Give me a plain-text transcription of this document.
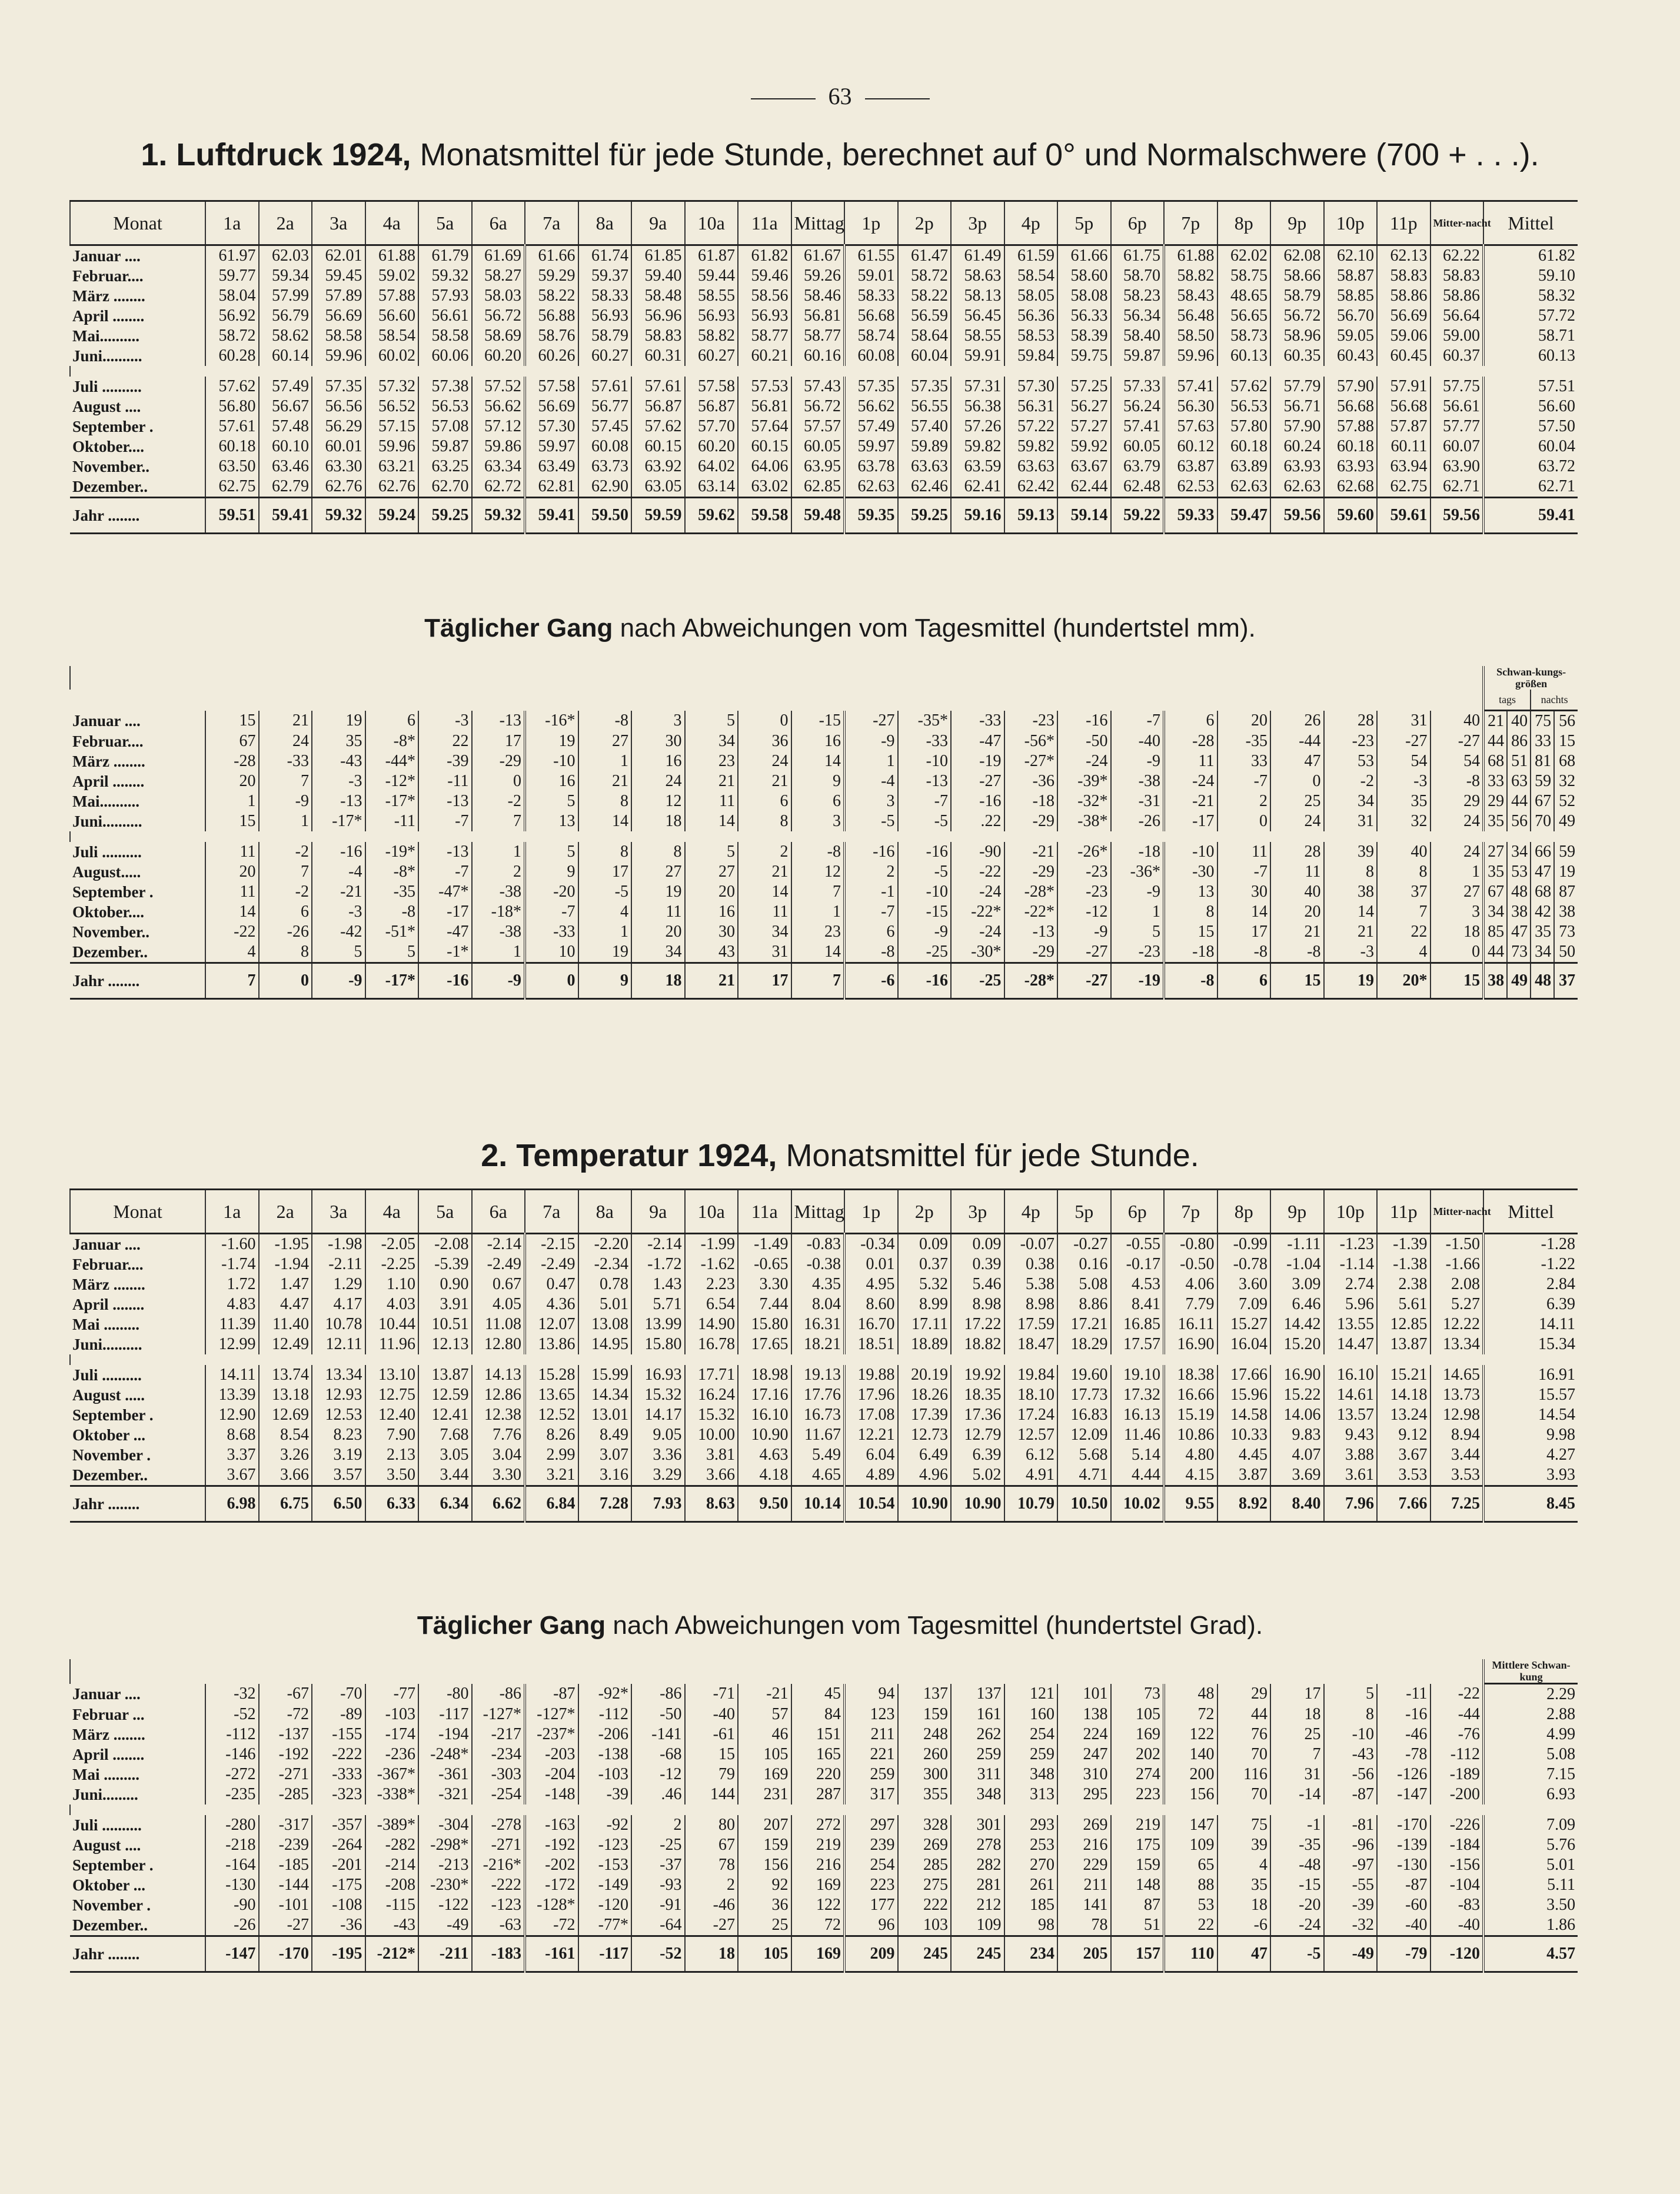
63
1. Luftdruck 1924, Monatsmittel für jede Stunde, berechnet auf 0° und Normalschwere (700 + . . .).
Monat	1a	2a	3a	4a	5a	6a	7a	8a	9a	10a	11a	Mittag	1p	2p	3p	4p	5p	6p	7p	8p	9p	10p	11p	Mitter-nacht	Mittel
Januar ....	61.97	62.03	62.01	61.88	61.79	61.69	61.66	61.74	61.85	61.87	61.82	61.67	61.55	61.47	61.49	61.59	61.66	61.75	61.88	62.02	62.08	62.10	62.13	62.22	61.82
Februar....	59.77	59.34	59.45	59.02	59.32	58.27	59.29	59.37	59.40	59.44	59.46	59.26	59.01	58.72	58.63	58.54	58.60	58.70	58.82	58.75	58.66	58.87	58.83	58.83	59.10
März ........	58.04	57.99	57.89	57.88	57.93	58.03	58.22	58.33	58.48	58.55	58.56	58.46	58.33	58.22	58.13	58.05	58.08	58.23	58.43	48.65	58.79	58.85	58.86	58.86	58.32
April ........	56.92	56.79	56.69	56.60	56.61	56.72	56.88	56.93	56.96	56.93	56.93	56.81	56.68	56.59	56.45	56.36	56.33	56.34	56.48	56.65	56.72	56.70	56.69	56.64	57.72
Mai..........	58.72	58.62	58.58	58.54	58.58	58.69	58.76	58.79	58.83	58.82	58.77	58.77	58.74	58.64	58.55	58.53	58.39	58.40	58.50	58.73	58.96	59.05	59.06	59.00	58.71
Juni..........	60.28	60.14	59.96	60.02	60.06	60.20	60.26	60.27	60.31	60.27	60.21	60.16	60.08	60.04	59.91	59.84	59.75	59.87	59.96	60.13	60.35	60.43	60.45	60.37	60.13

Juli ..........	57.62	57.49	57.35	57.32	57.38	57.52	57.58	57.61	57.61	57.58	57.53	57.43	57.35	57.35	57.31	57.30	57.25	57.33	57.41	57.62	57.79	57.90	57.91	57.75	57.51
August ....	56.80	56.67	56.56	56.52	56.53	56.62	56.69	56.77	56.87	56.87	56.81	56.72	56.62	56.55	56.38	56.31	56.27	56.24	56.30	56.53	56.71	56.68	56.68	56.61	56.60
September .	57.61	57.48	56.29	57.15	57.08	57.12	57.30	57.45	57.62	57.70	57.64	57.57	57.49	57.40	57.26	57.22	57.27	57.41	57.63	57.80	57.90	57.88	57.87	57.77	57.50
Oktober....	60.18	60.10	60.01	59.96	59.87	59.86	59.97	60.08	60.15	60.20	60.15	60.05	59.97	59.89	59.82	59.82	59.92	60.05	60.12	60.18	60.24	60.18	60.11	60.07	60.04
November..	63.50	63.46	63.30	63.21	63.25	63.34	63.49	63.73	63.92	64.02	64.06	63.95	63.78	63.63	63.59	63.63	63.67	63.79	63.87	63.89	63.93	63.93	63.94	63.90	63.72
Dezember..	62.75	62.79	62.76	62.76	62.70	62.72	62.81	62.90	63.05	63.14	63.02	62.85	62.63	62.46	62.41	62.42	62.44	62.48	62.53	62.63	62.63	62.68	62.75	62.71	62.71
Jahr ........	59.51	59.41	59.32	59.24	59.25	59.32	59.41	59.50	59.59	59.62	59.58	59.48	59.35	59.25	59.16	59.13	59.14	59.22	59.33	59.47	59.56	59.60	59.61	59.56	59.41
Täglicher Gang nach Abweichungen vom Tagesmittel (hundertstel mm).
																									Schwan-kungs-größen			
																									tags		nachts	
Januar ....	15	21	19	6	-3	-13	-16*	-8	3	5	0	-15	-27	-35*	-33	-23	-16	-7	6	20	26	28	31	40	21	40	75	56
Februar....	67	24	35	-8*	22	17	19	27	30	34	36	16	-9	-33	-47	-56*	-50	-40	-28	-35	-44	-23	-27	-27	44	86	33	15
März ........	-28	-33	-43	-44*	-39	-29	-10	1	16	23	24	14	1	-10	-19	-27*	-24	-9	11	33	47	53	54	54	68	51	81	68
April ........	20	7	-3	-12*	-11	0	16	21	24	21	21	9	-4	-13	-27	-36	-39*	-38	-24	-7	0	-2	-3	-8	33	63	59	32
Mai..........	1	-9	-13	-17*	-13	-2	5	8	12	11	6	6	3	-7	-16	-18	-32*	-31	-21	2	25	34	35	29	29	44	67	52
Juni..........	15	1	-17*	-11	-7	7	13	14	18	14	8	3	-5	-5	.22	-29	-38*	-26	-17	0	24	31	32	24	35	56	70	49

Juli ..........	11	-2	-16	-19*	-13	1	5	8	8	5	2	-8	-16	-16	-90	-21	-26*	-18	-10	11	28	39	40	24	27	34	66	59
August.....	20	7	-4	-8*	-7	2	9	17	27	27	21	12	2	-5	-22	-29	-23	-36*	-30	-7	11	8	8	1	35	53	47	19
September .	11	-2	-21	-35	-47*	-38	-20	-5	19	20	14	7	-1	-10	-24	-28*	-23	-9	13	30	40	38	37	27	67	48	68	87
Oktober....	14	6	-3	-8	-17	-18*	-7	4	11	16	11	1	-7	-15	-22*	-22*	-12	1	8	14	20	14	7	3	34	38	42	38
November..	-22	-26	-42	-51*	-47	-38	-33	1	20	30	34	23	6	-9	-24	-13	-9	5	15	17	21	21	22	18	85	47	35	73
Dezember..	4	8	5	5	-1*	1	10	19	34	43	31	14	-8	-25	-30*	-29	-27	-23	-18	-8	-8	-3	4	0	44	73	34	50
Jahr ........	7	0	-9	-17*	-16	-9	0	9	18	21	17	7	-6	-16	-25	-28*	-27	-19	-8	6	15	19	20*	15	38	49	48	37
2. Temperatur 1924, Monatsmittel für jede Stunde.
Monat	1a	2a	3a	4a	5a	6a	7a	8a	9a	10a	11a	Mittag	1p	2p	3p	4p	5p	6p	7p	8p	9p	10p	11p	Mitter-nacht	Mittel
Januar ....	-1.60	-1.95	-1.98	-2.05	-2.08	-2.14	-2.15	-2.20	-2.14	-1.99	-1.49	-0.83	-0.34	0.09	0.09	-0.07	-0.27	-0.55	-0.80	-0.99	-1.11	-1.23	-1.39	-1.50	-1.28
Februar....	-1.74	-1.94	-2.11	-2.25	-5.39	-2.49	-2.49	-2.34	-1.72	-1.62	-0.65	-0.38	0.01	0.37	0.39	0.38	0.16	-0.17	-0.50	-0.78	-1.04	-1.14	-1.38	-1.66	-1.22
März ........	1.72	1.47	1.29	1.10	0.90	0.67	0.47	0.78	1.43	2.23	3.30	4.35	4.95	5.32	5.46	5.38	5.08	4.53	4.06	3.60	3.09	2.74	2.38	2.08	2.84
April ........	4.83	4.47	4.17	4.03	3.91	4.05	4.36	5.01	5.71	6.54	7.44	8.04	8.60	8.99	8.98	8.98	8.86	8.41	7.79	7.09	6.46	5.96	5.61	5.27	6.39
Mai .........	11.39	11.40	10.78	10.44	10.51	11.08	12.07	13.08	13.99	14.90	15.80	16.31	16.70	17.11	17.22	17.59	17.21	16.85	16.11	15.27	14.42	13.55	12.85	12.22	14.11
Juni..........	12.99	12.49	12.11	11.96	12.13	12.80	13.86	14.95	15.80	16.78	17.65	18.21	18.51	18.89	18.82	18.47	18.29	17.57	16.90	16.04	15.20	14.47	13.87	13.34	15.34

Juli ..........	14.11	13.74	13.34	13.10	13.87	14.13	15.28	15.99	16.93	17.71	18.98	19.13	19.88	20.19	19.92	19.84	19.60	19.10	18.38	17.66	16.90	16.10	15.21	14.65	16.91
August .....	13.39	13.18	12.93	12.75	12.59	12.86	13.65	14.34	15.32	16.24	17.16	17.76	17.96	18.26	18.35	18.10	17.73	17.32	16.66	15.96	15.22	14.61	14.18	13.73	15.57
September .	12.90	12.69	12.53	12.40	12.41	12.38	12.52	13.01	14.17	15.32	16.10	16.73	17.08	17.39	17.36	17.24	16.83	16.13	15.19	14.58	14.06	13.57	13.24	12.98	14.54
Oktober ...	8.68	8.54	8.23	7.90	7.68	7.76	8.26	8.49	9.05	10.00	10.90	11.67	12.21	12.73	12.79	12.57	12.09	11.46	10.86	10.33	9.83	9.43	9.12	8.94	9.98
November .	3.37	3.26	3.19	2.13	3.05	3.04	2.99	3.07	3.36	3.81	4.63	5.49	6.04	6.49	6.39	6.12	5.68	5.14	4.80	4.45	4.07	3.88	3.67	3.44	4.27
Dezember..	3.67	3.66	3.57	3.50	3.44	3.30	3.21	3.16	3.29	3.66	4.18	4.65	4.89	4.96	5.02	4.91	4.71	4.44	4.15	3.87	3.69	3.61	3.53	3.53	3.93
Jahr ........	6.98	6.75	6.50	6.33	6.34	6.62	6.84	7.28	7.93	8.63	9.50	10.14	10.54	10.90	10.90	10.79	10.50	10.02	9.55	8.92	8.40	7.96	7.66	7.25	8.45
Täglicher Gang nach Abweichungen vom Tagesmittel (hundertstel Grad).
																									Mittlere Schwan-kung
Januar ....	-32	-67	-70	-77	-80	-86	-87	-92*	-86	-71	-21	45	94	137	137	121	101	73	48	29	17	5	-11	-22	2.29
Februar ...	-52	-72	-89	-103	-117	-127*	-127*	-112	-50	-40	57	84	123	159	161	160	138	105	72	44	18	8	-16	-44	2.88
März ........	-112	-137	-155	-174	-194	-217	-237*	-206	-141	-61	46	151	211	248	262	254	224	169	122	76	25	-10	-46	-76	4.99
April ........	-146	-192	-222	-236	-248*	-234	-203	-138	-68	15	105	165	221	260	259	259	247	202	140	70	7	-43	-78	-112	5.08
Mai .........	-272	-271	-333	-367*	-361	-303	-204	-103	-12	79	169	220	259	300	311	348	310	274	200	116	31	-56	-126	-189	7.15
Juni.........	-235	-285	-323	-338*	-321	-254	-148	-39	.46	144	231	287	317	355	348	313	295	223	156	70	-14	-87	-147	-200	6.93

Juli ..........	-280	-317	-357	-389*	-304	-278	-163	-92	2	80	207	272	297	328	301	293	269	219	147	75	-1	-81	-170	-226	7.09
August ....	-218	-239	-264	-282	-298*	-271	-192	-123	-25	67	159	219	239	269	278	253	216	175	109	39	-35	-96	-139	-184	5.76
September .	-164	-185	-201	-214	-213	-216*	-202	-153	-37	78	156	216	254	285	282	270	229	159	65	4	-48	-97	-130	-156	5.01
Oktober ...	-130	-144	-175	-208	-230*	-222	-172	-149	-93	2	92	169	223	275	281	261	211	148	88	35	-15	-55	-87	-104	5.11
November .	-90	-101	-108	-115	-122	-123	-128*	-120	-91	-46	36	122	177	222	212	185	141	87	53	18	-20	-39	-60	-83	3.50
Dezember..	-26	-27	-36	-43	-49	-63	-72	-77*	-64	-27	25	72	96	103	109	98	78	51	22	-6	-24	-32	-40	-40	1.86
Jahr ........	-147	-170	-195	-212*	-211	-183	-161	-117	-52	18	105	169	209	245	245	234	205	157	110	47	-5	-49	-79	-120	4.57
